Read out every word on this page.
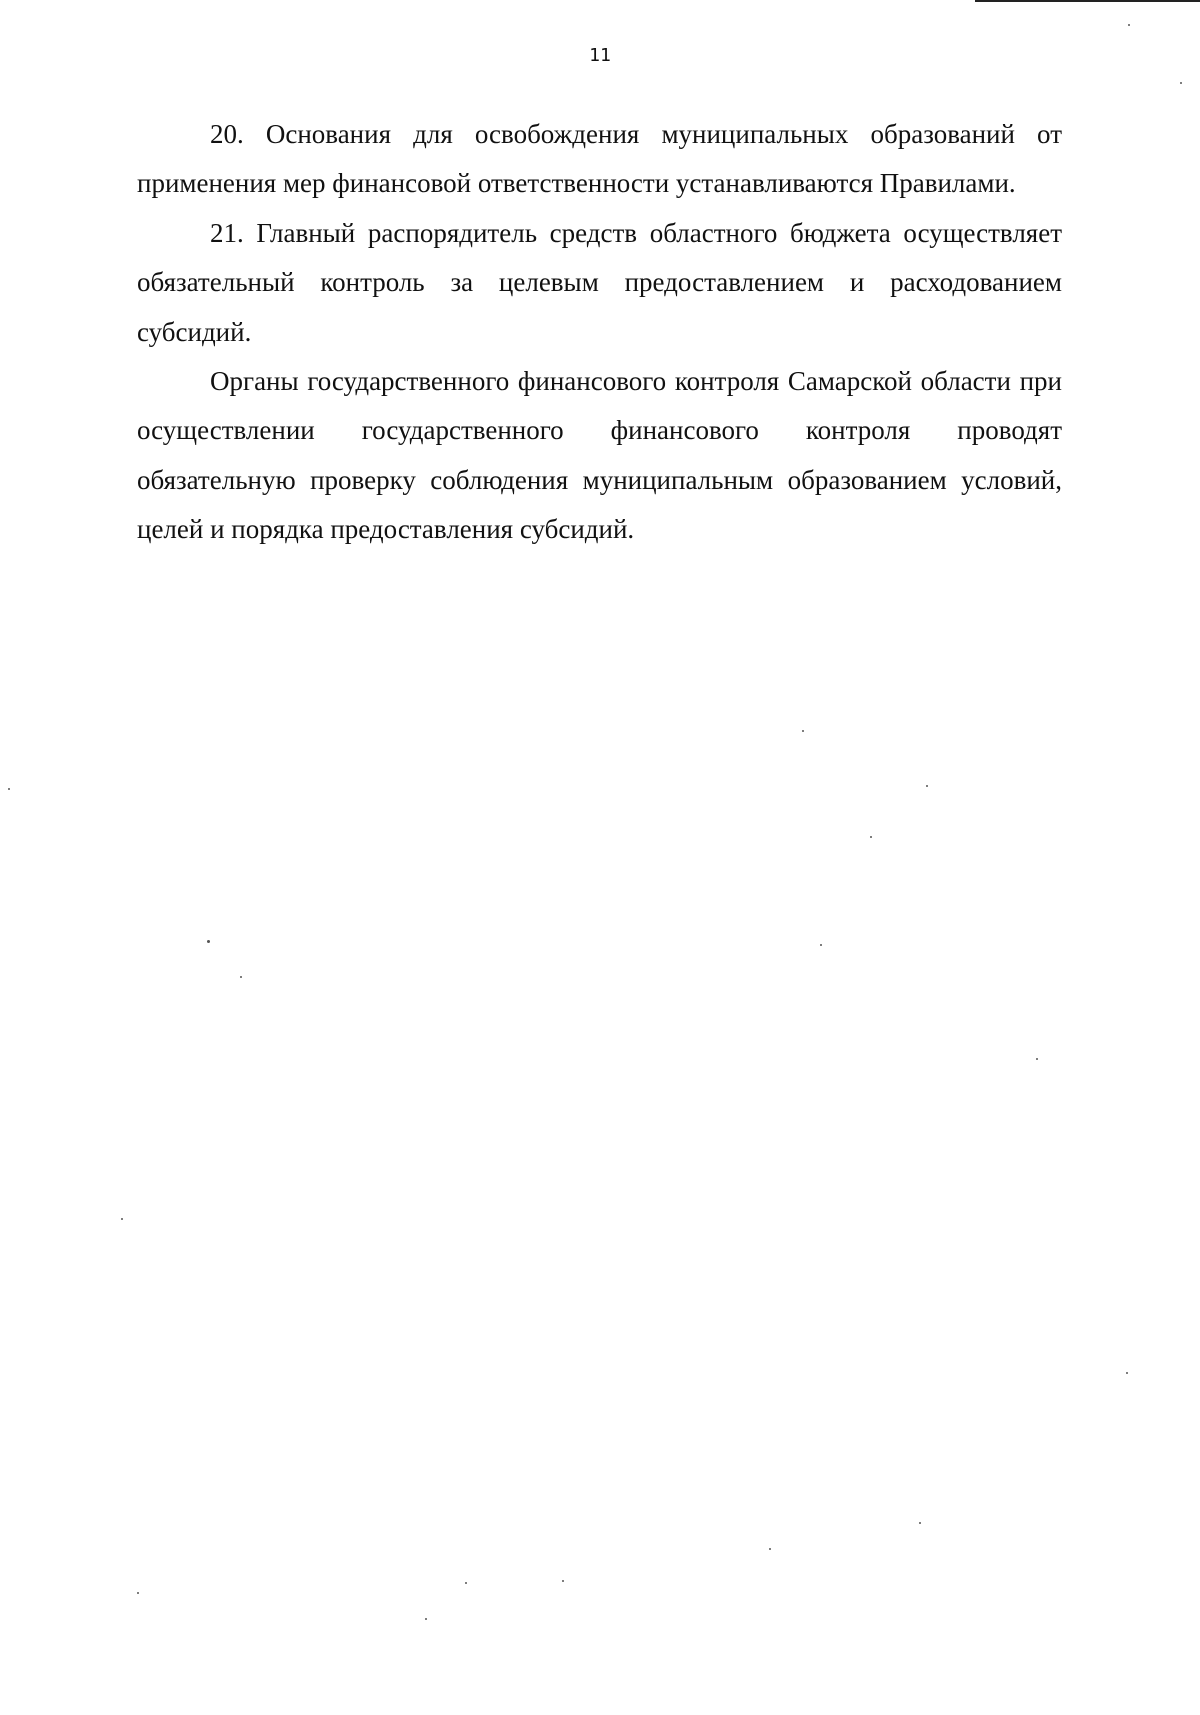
11

20. Основания для освобождения муниципальных образований от применения мер финансовой ответственности устанавливаются Правилами.

21. Главный распорядитель средств областного бюджета осуществляет обязательный контроль за целевым предоставлением и расходованием субсидий.

Органы государственного финансового контроля Самарской области при осуществлении государственного финансового контроля проводят обязательную проверку соблюдения муниципальным образованием условий, целей и порядка предоставления субсидий.
